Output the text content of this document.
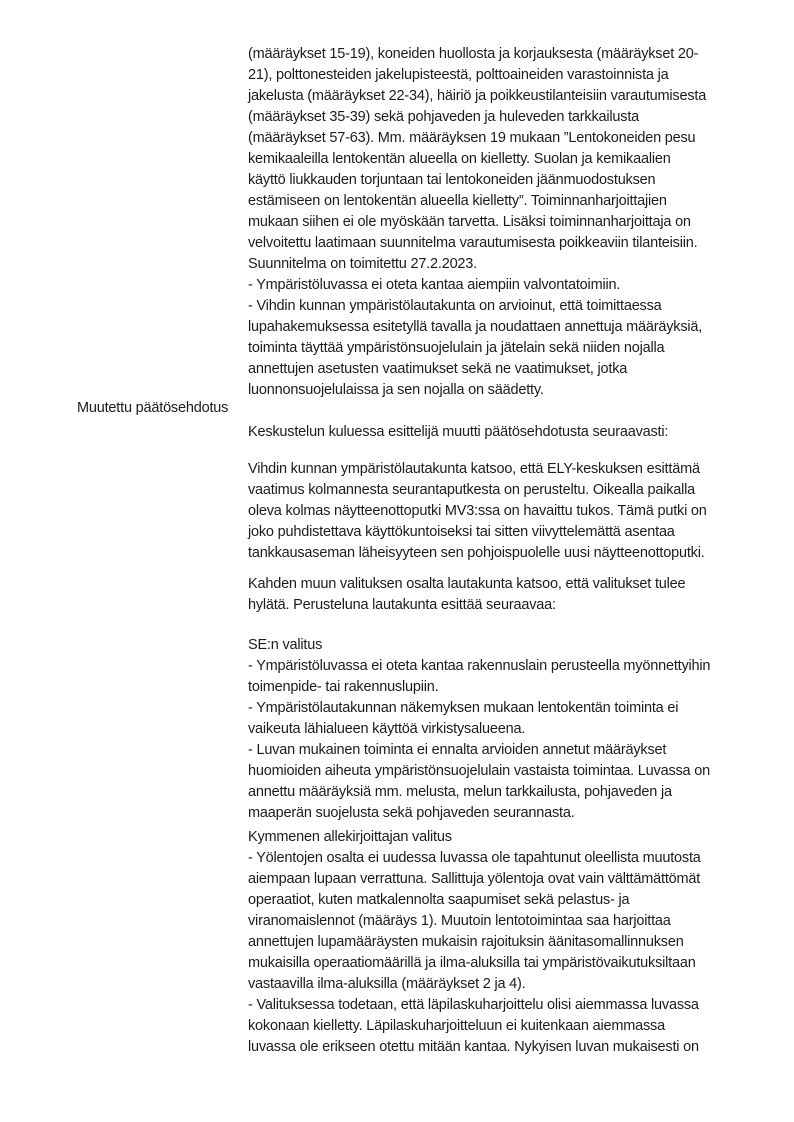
Muutettu päätösehdotus
(määräykset 15-19), koneiden huollosta ja korjauksesta (määräykset 20-
21), polttonesteiden jakelupisteestä, polttoaineiden varastoinnista ja
jakelusta (määräykset 22-34), häiriö ja poikkeustilanteisiin varautumisesta
(määräykset 35-39) sekä pohjaveden ja huleveden tarkkailusta
(määräykset 57-63). Mm. määräyksen 19 mukaan ”Lentokoneiden pesu
kemikaaleilla lentokentän alueella on kielletty. Suolan ja kemikaalien
käyttö liukkauden torjuntaan tai lentokoneiden jäänmuodostuksen
estämiseen on lentokentän alueella kielletty”. Toiminnanharjoittajien
mukaan siihen ei ole myöskään tarvetta. Lisäksi toiminnanharjoittaja on
velvoitettu laatimaan suunnitelma varautumisesta poikkeaviin tilanteisiin.
Suunnitelma on toimitettu 27.2.2023.
- Ympäristöluvassa ei oteta kantaa aiempiin valvontatoimiin.
- Vihdin kunnan ympäristölautakunta on arvioinut, että toimittaessa
lupahakemuksessa esitetyllä tavalla ja noudattaen annettuja määräyksiä,
toiminta täyttää ympäristönsuojelulain ja jätelain sekä niiden nojalla
annettujen asetusten vaatimukset sekä ne vaatimukset, jotka
luonnonsuojelulaissa ja sen nojalla on säädetty.
Keskustelun kuluessa esittelijä muutti päätösehdotusta seuraavasti:
Vihdin kunnan ympäristölautakunta katsoo, että ELY-keskuksen esittämä
vaatimus kolmannesta seurantaputkesta on perusteltu. Oikealla paikalla
oleva kolmas näytteenottoputki MV3:ssa on havaittu tukos. Tämä putki on
joko puhdistettava käyttökuntoiseksi tai sitten viivyttelemättä asentaa
tankkausaseman läheisyyteen sen pohjoispuolelle uusi näytteenottoputki.
Kahden muun valituksen osalta lautakunta katsoo, että valitukset tulee
hylätä. Perusteluna lautakunta esittää seuraavaa:
SE:n valitus
- Ympäristöluvassa ei oteta kantaa rakennuslain perusteella myönnettyihin
toimenpide- tai rakennuslupiin.
- Ympäristölautakunnan näkemyksen mukaan lentokentän toiminta ei
vaikeuta lähialueen käyttöä virkistysalueena.
- Luvan mukainen toiminta ei ennalta arvioiden annetut määräykset
huomioiden aiheuta ympäristönsuojelulain vastaista toimintaa. Luvassa on
annettu määräyksiä mm. melusta, melun tarkkailusta, pohjaveden ja
maaperän suojelusta sekä pohjaveden seurannasta.
Kymmenen allekirjoittajan valitus
- Yölentojen osalta ei uudessa luvassa ole tapahtunut oleellista muutosta
aiempaan lupaan verrattuna. Sallittuja yölentoja ovat vain välttämättömät
operaatiot, kuten matkalennolta saapumiset sekä pelastus- ja
viranomaislennot (määräys 1). Muutoin lentotoimintaa saa harjoittaa
annettujen lupamääräysten mukaisin rajoituksin äänitasomallinnuksen
mukaisilla operaatiomäärillä ja ilma-aluksilla tai ympäristövaikutuksiltaan
vastaavilla ilma-aluksilla (määräykset 2 ja 4).
- Valituksessa todetaan, että läpilaskuharjoittelu olisi aiemmassa luvassa
kokonaan kielletty. Läpilaskuharjoitteluun ei kuitenkaan aiemmassa
luvassa ole erikseen otettu mitään kantaa. Nykyisen luvan mukaisesti on
